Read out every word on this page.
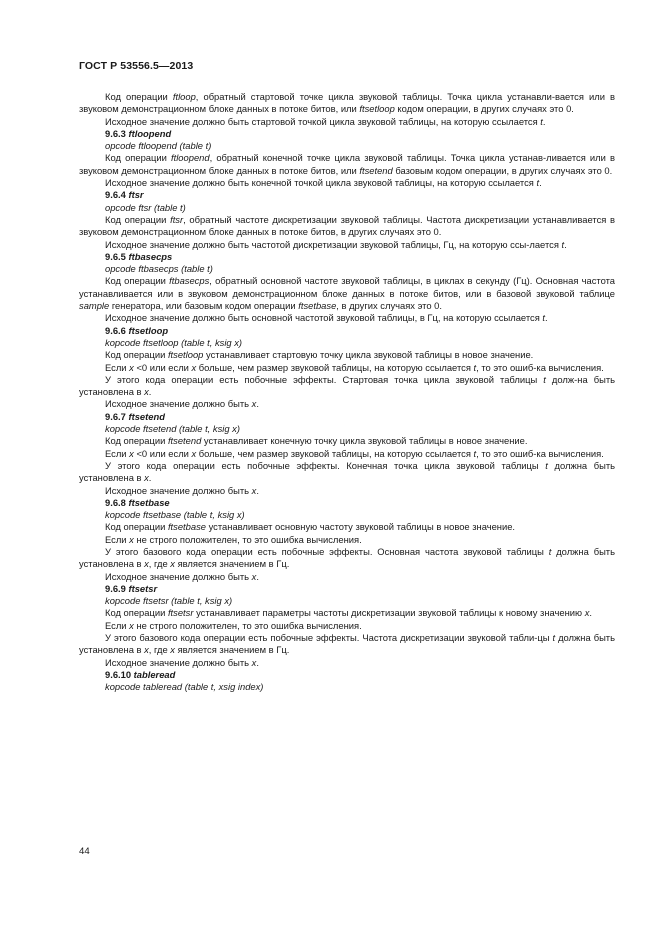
ГОСТ Р 53556.5—2013

Код операции ftloop, обратный стартовой точке цикла звуковой таблицы. Точка цикла устанавли-вается или в звуковом демонстрационном блоке данных в потоке битов, или ftsetloop кодом операции, в других случаях это 0.

Исходное значение должно быть стартовой точкой цикла звуковой таблицы, на которую ссылается t.

9.6.3 ftloopend

opcode ftloopend (table t)

Код операции ftloopend, обратный конечной точке цикла звуковой таблицы. Точка цикла устанав-ливается или в звуковом демонстрационном блоке данных в потоке битов, или ftsetend базовым кодом операции, в других случаях это 0.

Исходное значение должно быть конечной точкой цикла звуковой таблицы, на которую ссылается t.

9.6.4 ftsr

opcode ftsr (table t)

Код операции ftsr, обратный частоте дискретизации звуковой таблицы. Частота дискретизации устанавливается в звуковом демонстрационном блоке данных в потоке битов, в других случаях это 0.

Исходное значение должно быть частотой дискретизации звуковой таблицы, Гц, на которую ссы-лается t.

9.6.5 ftbasecps

opcode ftbasecps (table t)

Код операции ftbasecps, обратный основной частоте звуковой таблицы, в циклах в секунду (Гц). Основная частота устанавливается или в звуковом демонстрационном блоке данных в потоке битов, или в базовой звуковой таблице sample генератора, или базовым кодом операции ftsetbase, в других случаях это 0.

Исходное значение должно быть основной частотой звуковой таблицы, в Гц, на которую ссылается t.

9.6.6 ftsetloop

kopcode ftsetloop (table t, ksig x)

Код операции ftsetloop устанавливает стартовую точку цикла звуковой таблицы в новое значение.

Если x <0 или если x больше, чем размер звуковой таблицы, на которую ссылается t, то это ошиб-ка вычисления.

У этого кода операции есть побочные эффекты. Стартовая точка цикла звуковой таблицы t долж-на быть установлена в x.

Исходное значение должно быть x.

9.6.7 ftsetend

kopcode ftsetend (table t, ksig x)

Код операции ftsetend устанавливает конечную точку цикла звуковой таблицы в новое значение.

Если x <0 или если x больше, чем размер звуковой таблицы, на которую ссылается t, то это ошиб-ка вычисления.

У этого кода операции есть побочные эффекты. Конечная точка цикла звуковой таблицы t должна быть установлена в x.

Исходное значение должно быть x.

9.6.8 ftsetbase

kopcode ftsetbase (table t, ksig x)

Код операции ftsetbase устанавливает основную частоту звуковой таблицы в новое значение.

Если x не строго положителен, то это ошибка вычисления.

У этого базового кода операции есть побочные эффекты. Основная частота звуковой таблицы t должна быть установлена в x, где x является значением в Гц.

Исходное значение должно быть x.

9.6.9 ftsetsr

kopcode ftsetsr (table t, ksig x)

Код операции ftsetsr устанавливает параметры частоты дискретизации звуковой таблицы к новому значению x.

Если x не строго положителен, то это ошибка вычисления.

У этого базового кода операции есть побочные эффекты. Частота дискретизации звуковой табли-цы t должна быть установлена в x, где x является значением в Гц.

Исходное значение должно быть x.

9.6.10 tableread

kopcode tableread (table t, xsig index)

44
